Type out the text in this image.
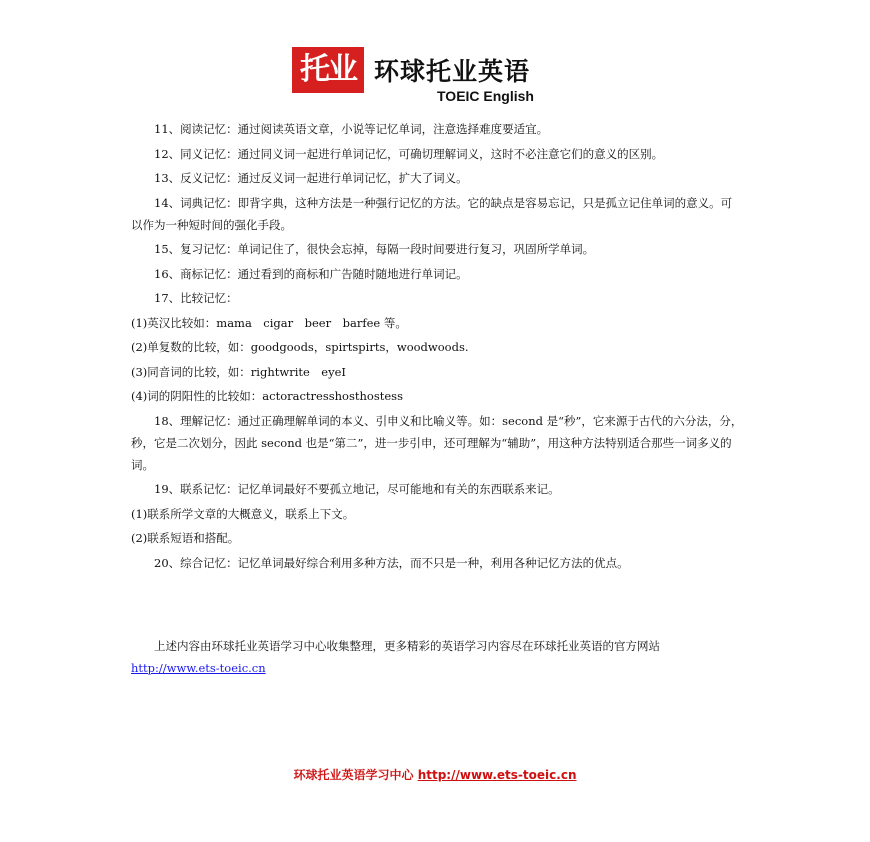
托业 环球托业英语
TOEIC English

11、阅读记忆：通过阅读英语文章，小说等记忆单词，注意选择难度要适宜。

12、同义记忆：通过同义词一起进行单词记忆，可确切理解词义，这时不必注意它们的意义的区别。

13、反义记忆：通过反义词一起进行单词记忆，扩大了词义。

14、词典记忆：即背字典，这种方法是一种强行记忆的方法。它的缺点是容易忘记，只是孤立记住单词的意义。可以作为一种短时间的强化手段。

15、复习记忆：单词记住了，很快会忘掉，每隔一段时间要进行复习，巩固所学单词。

16、商标记忆：通过看到的商标和广告随时随地进行单词记。

17、比较记忆：

(1)英汉比较如：mama　cigar　beer　barfee 等。

(2)单复数的比较，如：goodgoods，spirtspirts，woodwoods.

(3)同音词的比较，如：rightwrite　eyeI

(4)词的阴阳性的比较如：actoractresshosthostess

18、理解记忆：通过正确理解单词的本义、引申义和比喻义等。如：second 是“秒”，它来源于古代的六分法，分，秒，它是二次划分，因此 second 也是“第二”，进一步引申，还可理解为“辅助”，用这种方法特别适合那些一词多义的词。

19、联系记忆：记忆单词最好不要孤立地记，尽可能地和有关的东西联系来记。

(1)联系所学文章的大概意义，联系上下文。

(2)联系短语和搭配。

20、综合记忆：记忆单词最好综合利用多种方法，而不只是一种，利用各种记忆方法的优点。

上述内容由环球托业英语学习中心收集整理，更多精彩的英语学习内容尽在环球托业英语的官方网站 http://www.ets-toeic.cn
环球托业英语学习中心 http://www.ets-toeic.cn
